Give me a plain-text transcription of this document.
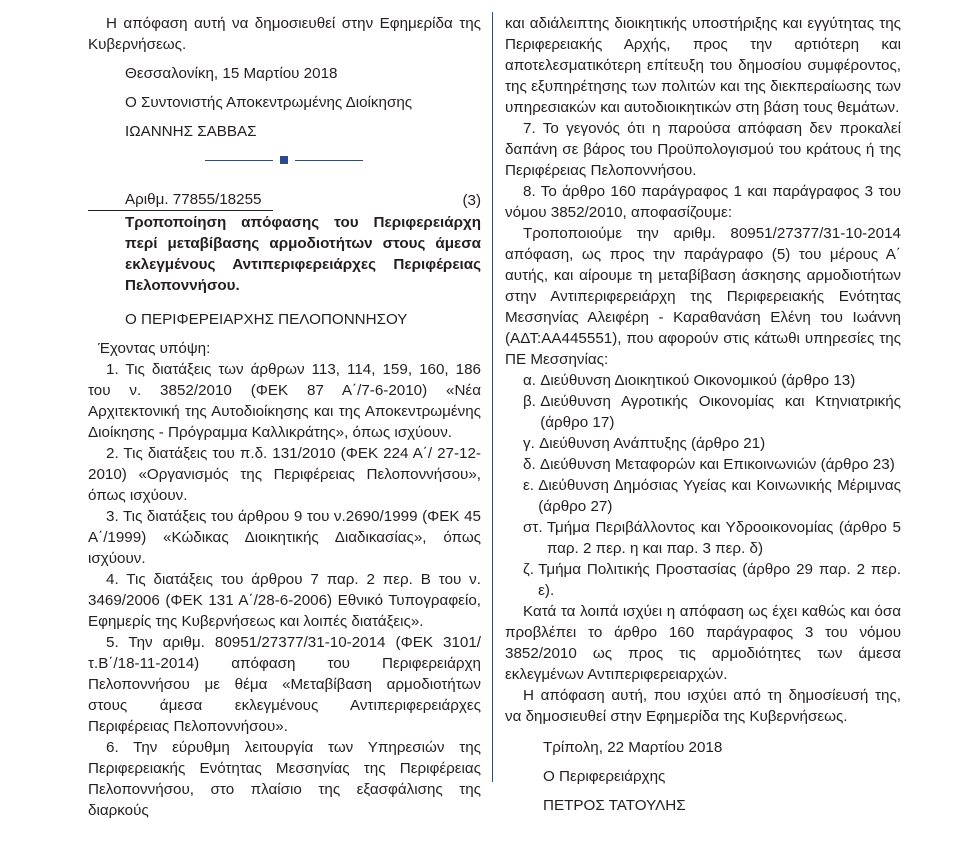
Η απόφαση αυτή να δημοσιευθεί στην Εφημερίδα της Κυβερνήσεως.

Θεσσαλονίκη, 15 Μαρτίου 2018

Ο Συντονιστής Αποκεντρωμένης Διοίκησης

ΙΩΑΝΝΗΣ ΣΑΒΒΑΣ

Αριθμ. 77855/18255	(3)

Τροποποίηση απόφασης του Περιφερειάρχη περί μεταβίβασης αρμοδιοτήτων στους άμεσα εκλεγμένους Αντιπεριφερειάρχες Περιφέρειας Πελοποννήσου.

Ο ΠΕΡΙΦΕΡΕΙΑΡΧΗΣ ΠΕΛΟΠΟΝΝΗΣΟΥ

Έχοντας υπόψη:

1. Τις διατάξεις των άρθρων 113, 114, 159, 160, 186 του ν. 3852/2010 (ΦΕΚ 87 Α΄/7-6-2010) «Νέα Αρχιτεκτονική της Αυτοδιοίκησης και της Αποκεντρωμένης Διοίκησης - Πρόγραμμα Καλλικράτης», όπως ισχύουν.

2. Τις διατάξεις του π.δ. 131/2010 (ΦΕΚ 224 Α΄/ 27-12-2010) «Οργανισμός της Περιφέρειας Πελοποννήσου», όπως ισχύουν.

3. Τις διατάξεις του άρθρου 9 του ν.2690/1999 (ΦΕΚ 45 Α΄/1999) «Κώδικας Διοικητικής Διαδικασίας», όπως ισχύουν.

4. Τις διατάξεις του άρθρου 7 παρ. 2 περ. Β του ν. 3469/2006 (ΦΕΚ 131 Α΄/28-6-2006) Εθνικό Τυπογραφείο, Εφημερίς της Κυβερνήσεως και λοιπές διατάξεις».

5. Την αριθμ. 80951/27377/31-10-2014 (ΦΕΚ 3101/ τ.Β΄/18-11-2014) απόφαση του Περιφερειάρχη Πελοποννήσου με θέμα «Μεταβίβαση αρμοδιοτήτων στους άμεσα εκλεγμένους Αντιπεριφερειάρχες Περιφέρειας Πελοποννήσου».

6. Την εύρυθμη λειτουργία των Υπηρεσιών της Περιφερειακής Ενότητας Μεσσηνίας της Περιφέρειας Πελοποννήσου, στο πλαίσιο της εξασφάλισης της διαρκούς

και αδιάλειπτης διοικητικής υποστήριξης και εγγύτητας της Περιφερειακής Αρχής, προς την αρτιότερη και αποτελεσματικότερη επίτευξη του δημοσίου συμφέροντος, της εξυπηρέτησης των πολιτών και της διεκπεραίωσης των υπηρεσιακών και αυτοδιοικητικών στη βάση τους θεμάτων.

7. Το γεγονός ότι η παρούσα απόφαση δεν προκαλεί δαπάνη σε βάρος του Προϋπολογισμού του κράτους ή της Περιφέρειας Πελοποννήσου.

8. Το άρθρο 160 παράγραφος 1 και παράγραφος 3 του νόμου 3852/2010, αποφασίζουμε:

Τροποποιούμε την αριθμ. 80951/27377/31-10-2014 απόφαση, ως προς την παράγραφο (5) του μέρους Α΄ αυτής, και αίρουμε τη μεταβίβαση άσκησης αρμοδιοτήτων στην Αντιπεριφερειάρχη της Περιφερειακής Ενότητας Μεσσηνίας Αλειφέρη - Καραθανάση Ελένη του Ιωάννη (ΑΔΤ:ΑΑ445551), που αφορούν στις κάτωθι υπηρεσίες της ΠΕ Μεσσηνίας:

α.
Διεύθυνση Διοικητικού Οικονομικού (άρθρο 13)
β.
Διεύθυνση Αγροτικής Οικονομίας και Κτηνιατρικής (άρθρο 17)
γ.
Διεύθυνση Ανάπτυξης (άρθρο 21)
δ.
Διεύθυνση Μεταφορών και Επικοινωνιών (άρθρο 23)
ε.
Διεύθυνση Δημόσιας Υγείας και Κοινωνικής Μέριμνας (άρθρο 27)
στ.
Τμήμα Περιβάλλοντος και Υδροοικονομίας (άρθρο 5 παρ. 2 περ. η και παρ. 3 περ. δ)
ζ.
Τμήμα Πολιτικής Προστασίας (άρθρο 29 παρ. 2 περ. ε).

Κατά τα λοιπά ισχύει η απόφαση ως έχει καθώς και όσα προβλέπει το άρθρο 160 παράγραφος 3 του νόμου 3852/2010 ως προς τις αρμοδιότητες των άμεσα εκλεγμένων Αντιπεριφερειαρχών.

Η απόφαση αυτή, που ισχύει από τη δημοσίευσή της, να δημοσιευθεί στην Εφημερίδα της Κυβερνήσεως.

Τρίπολη, 22 Μαρτίου 2018

Ο Περιφερειάρχης

ΠΕΤΡΟΣ ΤΑΤΟΥΛΗΣ
